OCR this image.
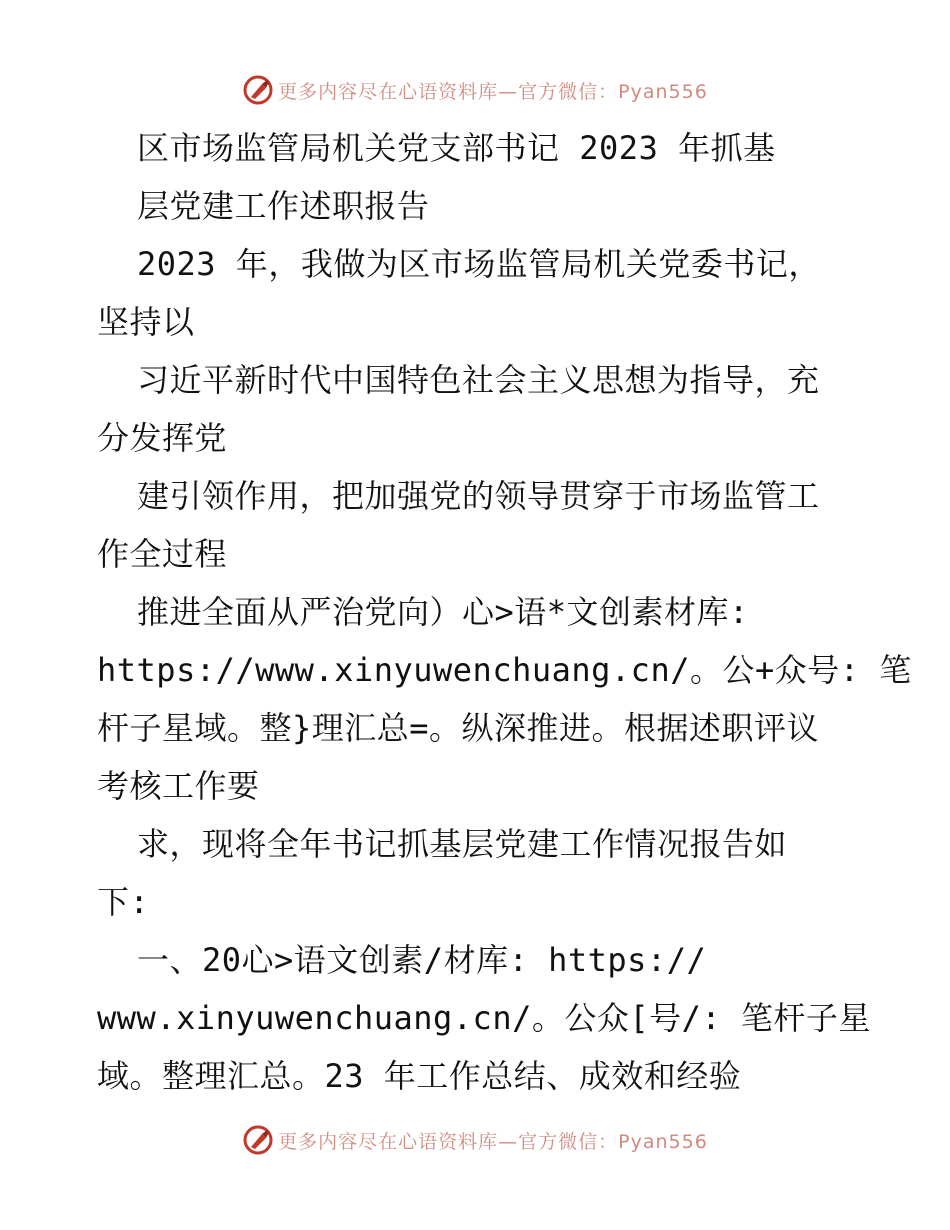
更多内容尽在心语资料库—官方微信：Pyan556
区市场监管局机关党支部书记 2023 年抓基
层党建工作述职报告
2023 年，我做为区市场监管局机关党委书记，
坚持以
习近平新时代中国特色社会主义思想为指导，充
分发挥党
建引领作用，把加强党的领导贯穿于市场监管工
作全过程
推进全面从严治党向）心>语*文创素材库:
https://www.xinyuwenchuang.cn/。公+众号: 笔
杆子星域。整}理汇总=。纵深推进。根据述职评议
考核工作要
求，现将全年书记抓基层党建工作情况报告如
下:
一、20心>语文创素/材库: https://
www.xinyuwenchuang.cn/。公众[号/: 笔杆子星
域。整理汇总。23 年工作总结、成效和经验
更多内容尽在心语资料库—官方微信：Pyan556
